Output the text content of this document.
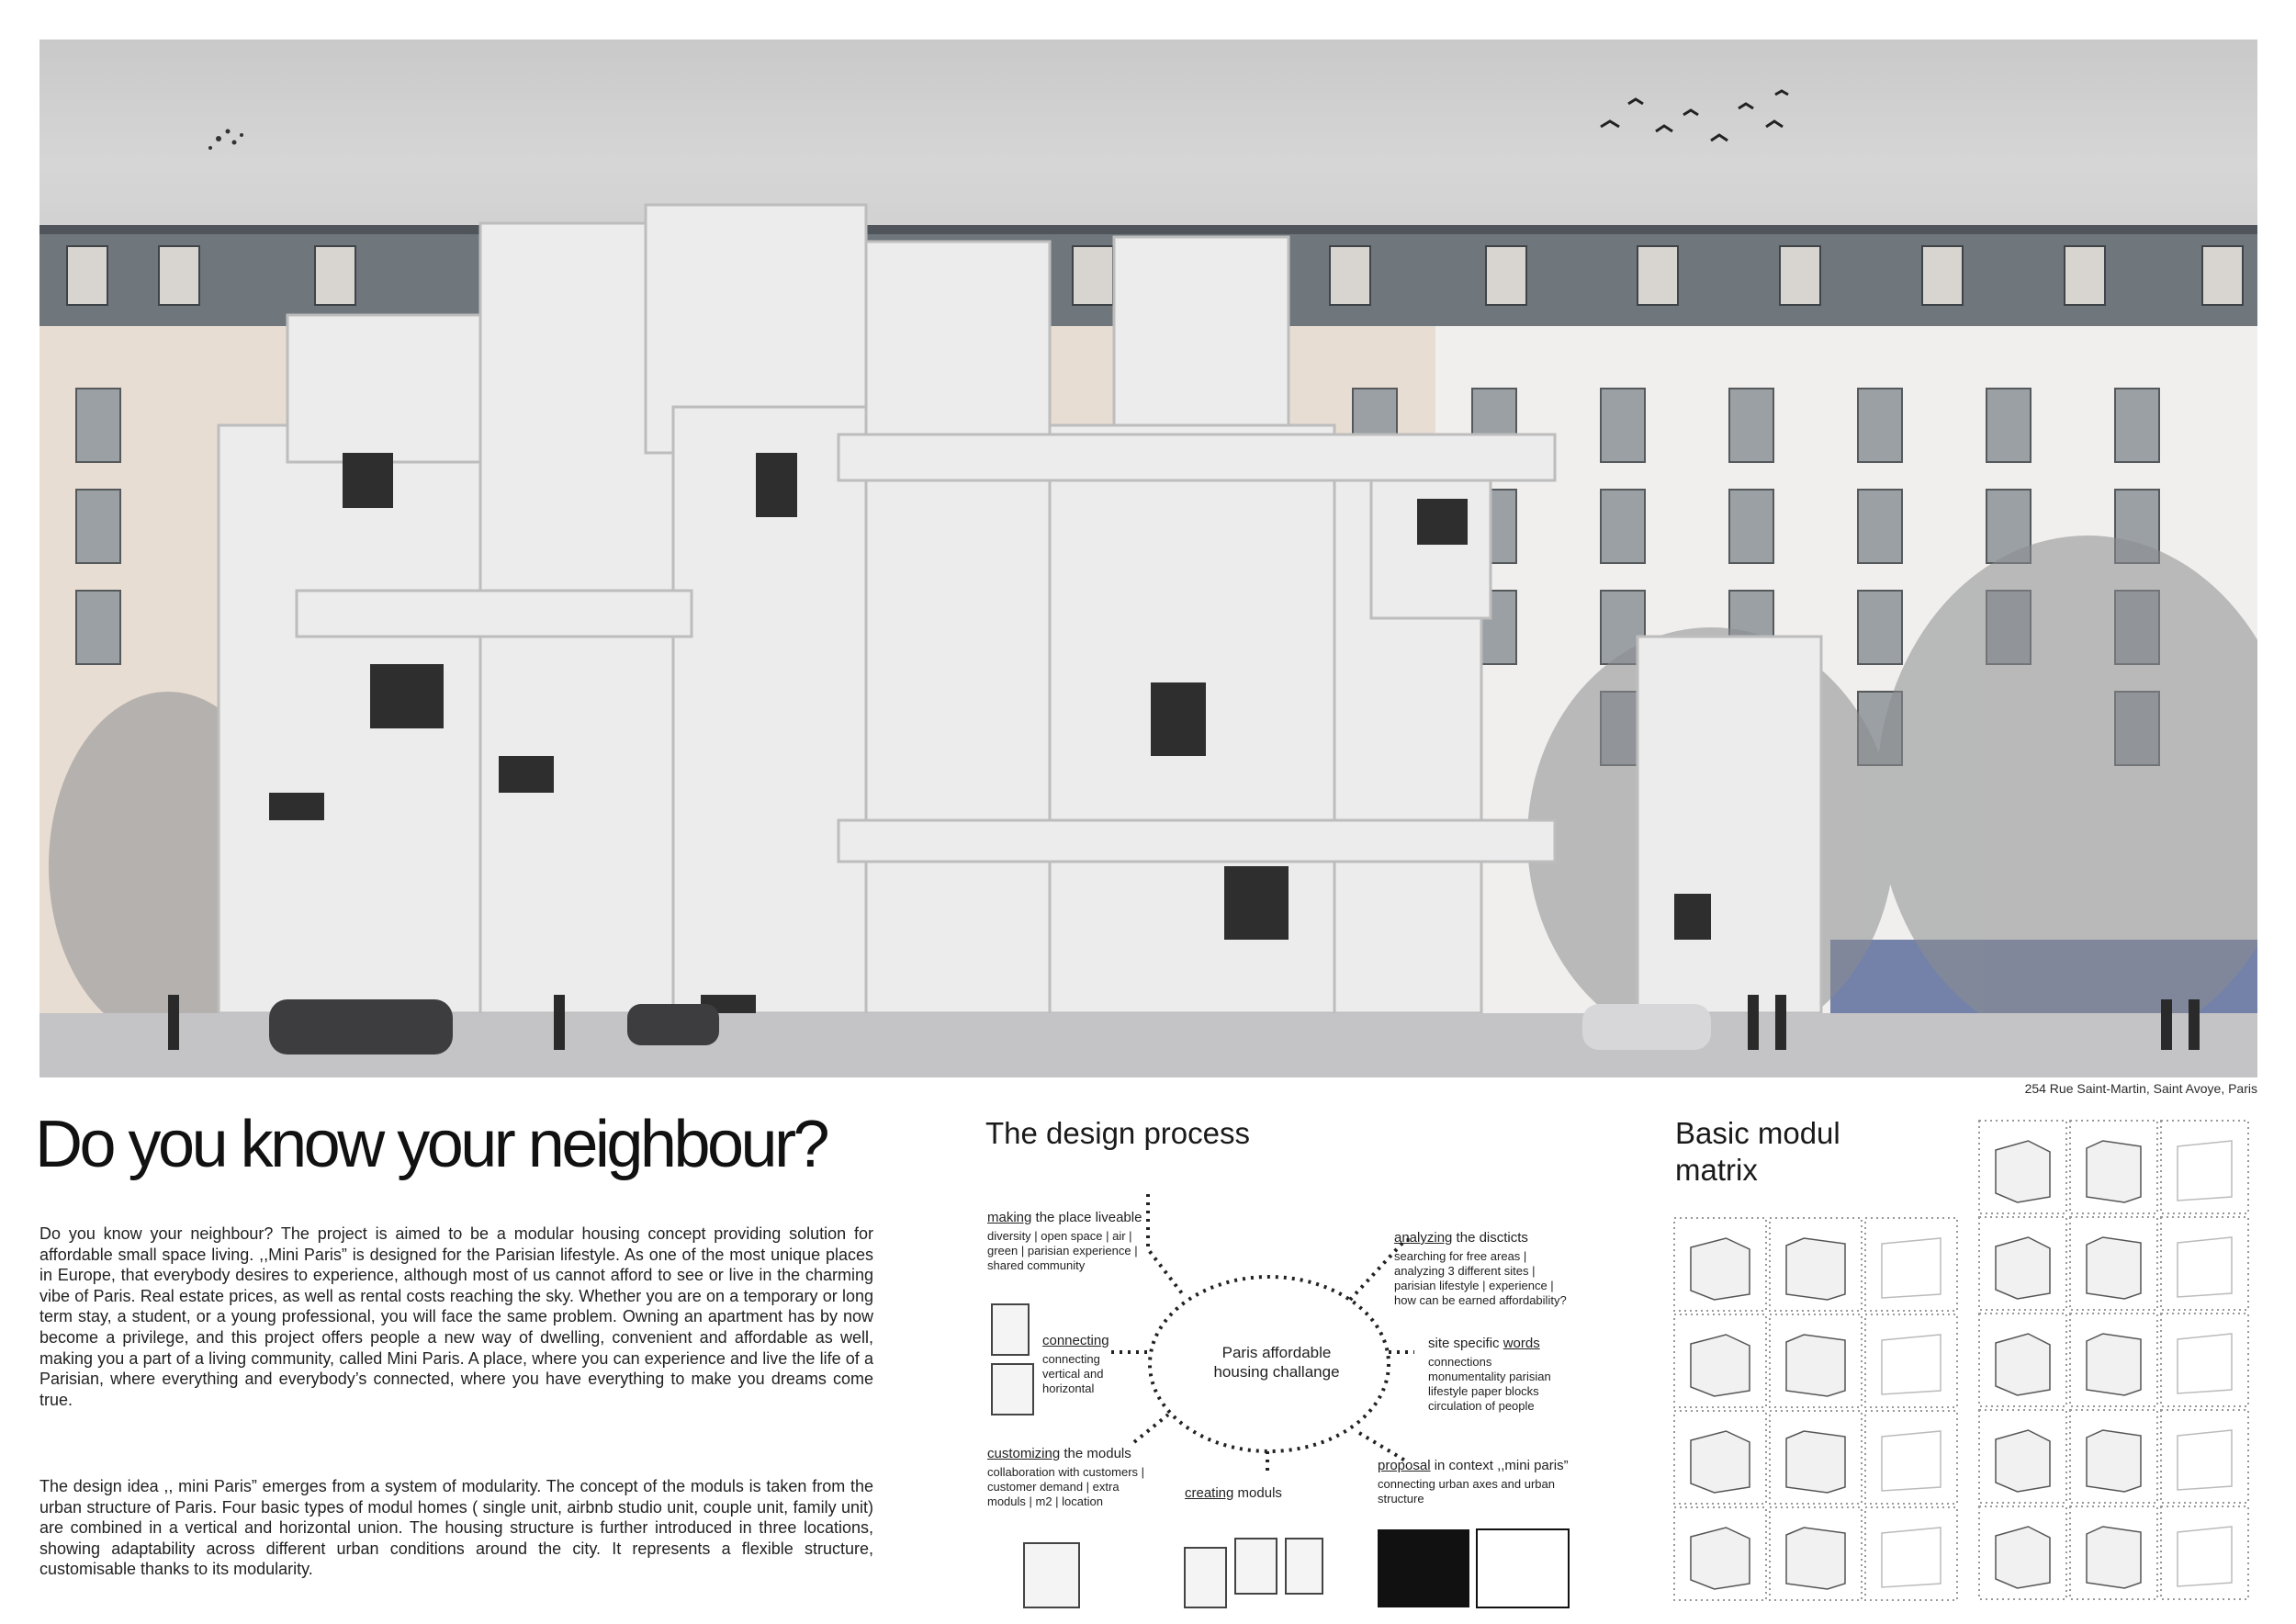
254 Rue Saint-Martin, Saint Avoye, Paris
Do you know your neighbour?
Do you know your neighbour? The project is aimed to be a modular housing concept providing solution for affordable small space living. ,,Mini Paris” is designed for the Parisian lifestyle. As one of the most unique places in Europe, that everybody desires to experience, although most of us cannot afford to see or live in the charming vibe of Paris. Real estate prices, as well as rental costs reaching the sky. Whether you are on a temporary or long term stay, a student, or a young professional, you will face the same problem. Owning an apartment has by now become a privilege, and this project offers people a new way of dwelling, convenient and affordable as well, making you a part of a living community, called Mini Paris. A place, where you can experience and live the life of a Parisian, where everything and everybody’s connected, where you have everything to make you dreams come true.
The design idea ,, mini Paris” emerges from a system of modularity. The concept of the moduls is taken from the urban structure of Paris. Four basic types of modul homes ( single unit, airbnb studio unit, couple unit, family unit) are combined in a vertical and horizontal union. The housing structure is further introduced in three locations, showing adaptability across different urban conditions around the city. It represents a flexible structure, customisable thanks to its modularity.
The design process
Paris affordable housing challange
making the place liveable
diversity | open space | air | green | parisian experience | shared community
connecting
connecting vertical and horizontal
customizing the moduls
collaboration with customers | customer demand | extra moduls | m2 | location
creating moduls
proposal in context ,,mini paris”
connecting urban axes and urban structure
site specific words
connections monumentality parisian lifestyle paper blocks circulation of people
analyzing the discticts
searching for free areas | analyzing 3 different sites | parisian lifestyle | experience | how can be earned affordability?
Basic modul matrix
